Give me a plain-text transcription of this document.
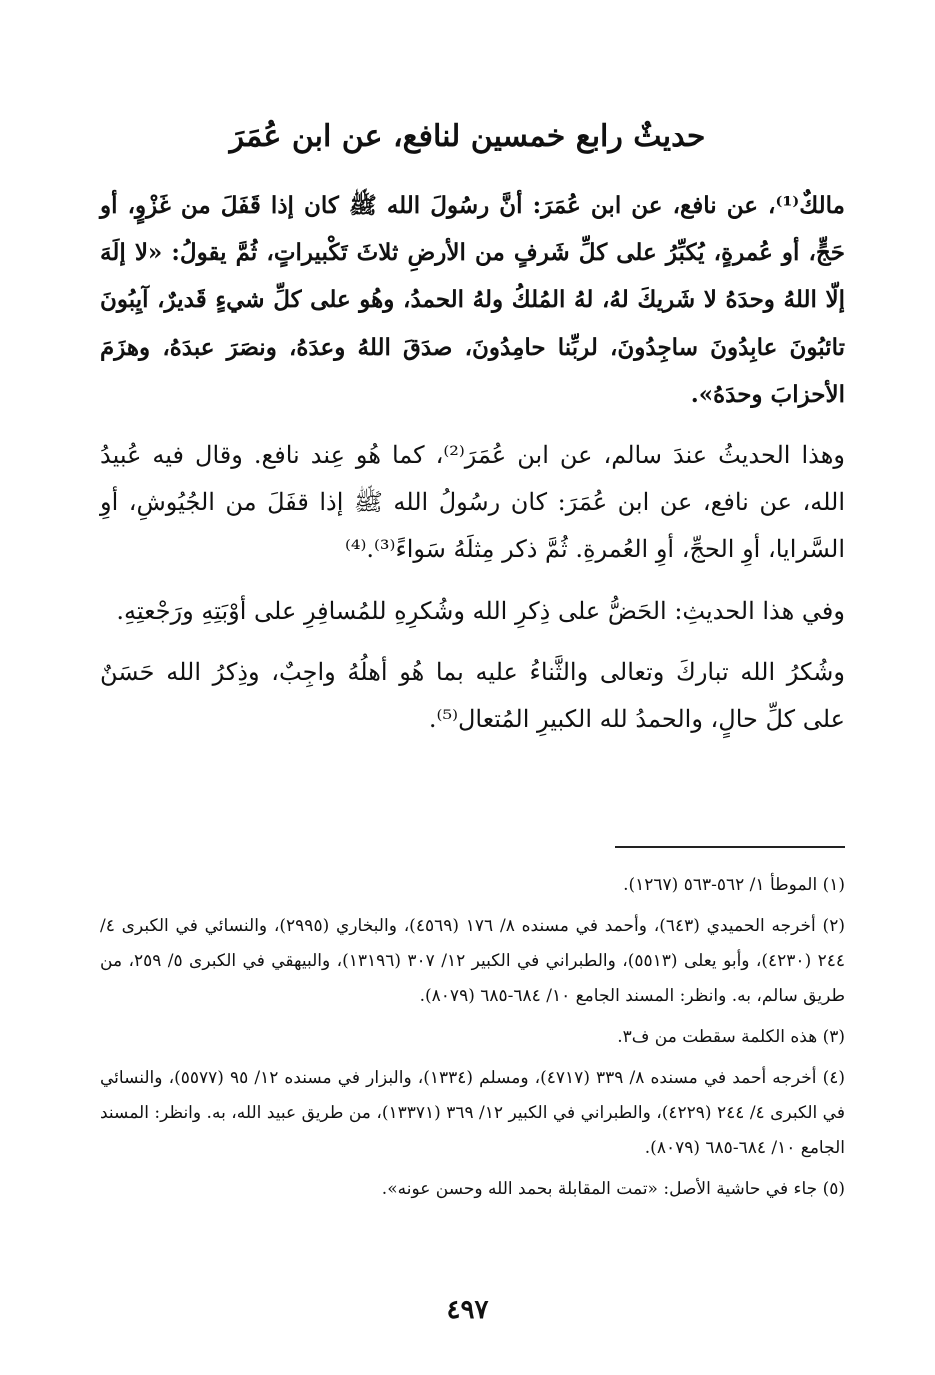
حديثٌ رابع خمسين لنافع، عن ابن عُمَرَ

مالكٌ⁽¹⁾، عن نافع، عن ابن عُمَرَ: أنَّ رسُولَ الله ﷺ كان إذا قَفَلَ من غَزْوٍ، أو حَجٍّ، أو عُمرةٍ، يُكبِّرُ على كلِّ شَرفٍ من الأرضِ ثلاثَ تَكْبيراتٍ، ثُمَّ يقولُ: «لا إلَهَ إلّا اللهُ وحدَهُ لا شَريكَ لهُ، لهُ المُلكُ ولهُ الحمدُ، وهُو على كلِّ شيءٍ قَديرٌ، آيِبُونَ تائبُونَ عابِدُونَ ساجِدُونَ، لربِّنا حامِدُونَ، صدَقَ اللهُ وعدَهُ، ونصَرَ عبدَهُ، وهزَمَ الأحزابَ وحدَهُ».

وهذا الحديثُ عندَ سالم، عن ابن عُمَرَ⁽²⁾، كما هُو عِند نافع. وقال فيه عُبيدُ الله، عن نافع، عن ابن عُمَرَ: كان رسُولُ الله ﷺ إذا قفَلَ من الجُيُوشِ، أوِ السَّرايا، أوِ الحجِّ، أوِ العُمرةِ. ثُمَّ ذكر مِثلَهُ سَواءً⁽³⁾.⁽⁴⁾

وفي هذا الحديثِ: الحَضُّ على ذِكرِ الله وشُكرِهِ للمُسافِرِ على أوْبَتِهِ ورَجْعتِهِ.

وشُكرُ الله تباركَ وتعالى والثَّناءُ عليه بما هُو أهلُهُ واجِبٌ، وذِكرُ الله حَسَنٌ على كلِّ حالٍ، والحمدُ لله الكبيرِ المُتعال⁽⁵⁾.

(١) الموطأ ١/ ٥٦٢-٥٦٣ (١٢٦٧).

(٢) أخرجه الحميدي (٦٤٣)، وأحمد في مسنده ٨/ ١٧٦ (٤٥٦٩)، والبخاري (٢٩٩٥)، والنسائي في الكبرى ٤/ ٢٤٤ (٤٢٣٠)، وأبو يعلى (٥٥١٣)، والطبراني في الكبير ١٢/ ٣٠٧ (١٣١٩٦)، والبيهقي في الكبرى ٥/ ٢٥٩، من طريق سالم، به. وانظر: المسند الجامع ١٠/ ٦٨٤-٦٨٥ (٨٠٧٩).

(٣) هذه الكلمة سقطت من ف٣.

(٤) أخرجه أحمد في مسنده ٨/ ٣٣٩ (٤٧١٧)، ومسلم (١٣٣٤)، والبزار في مسنده ١٢/ ٩٥ (٥٥٧٧)، والنسائي في الكبرى ٤/ ٢٤٤ (٤٢٢٩)، والطبراني في الكبير ١٢/ ٣٦٩ (١٣٣٧١)، من طريق عبيد الله، به. وانظر: المسند الجامع ١٠/ ٦٨٤-٦٨٥ (٨٠٧٩).

(٥) جاء في حاشية الأصل: «تمت المقابلة بحمد الله وحسن عونه».

٤٩٧
